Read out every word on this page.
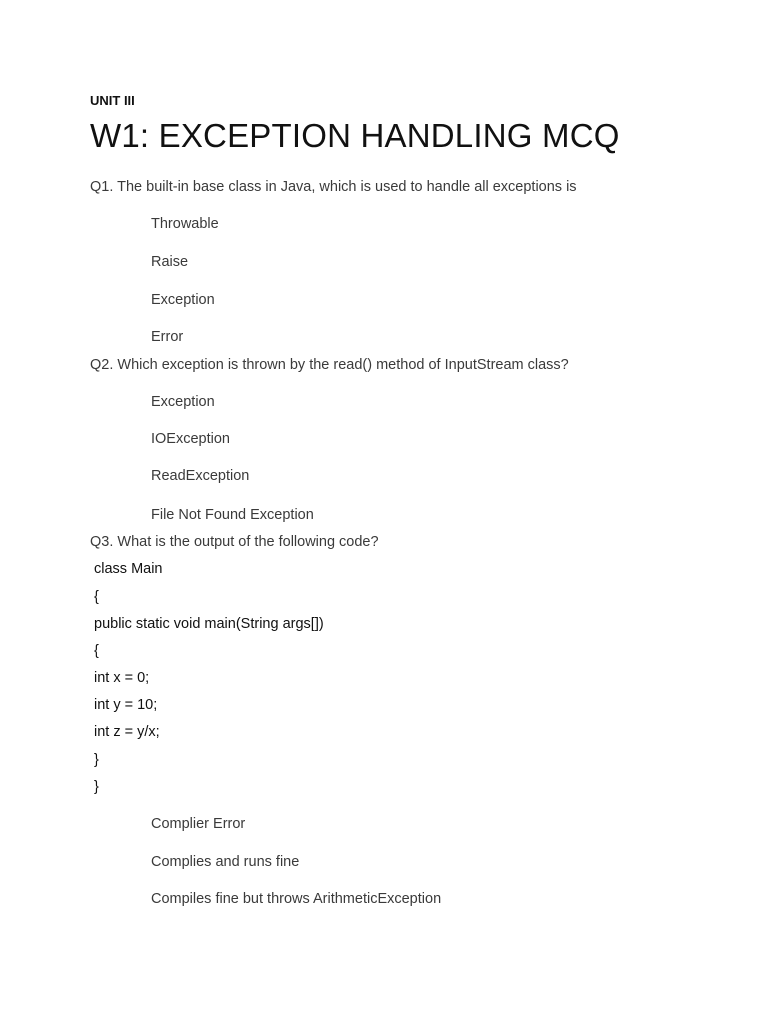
UNIT III
W1: EXCEPTION HANDLING MCQ
Q1. The built-in base class in Java, which is used to handle all exceptions is
Throwable
Raise
Exception
Error
Q2. Which exception is thrown by the read() method of InputStream class?
Exception
IOException
ReadException
File Not Found Exception
Q3. What is the output of the following code?
class Main
{
public static void main(String args[])
{
int x = 0;
int y = 10;
int z = y/x;
}
}
Complier Error
Complies and runs fine
Compiles fine but throws ArithmeticException
